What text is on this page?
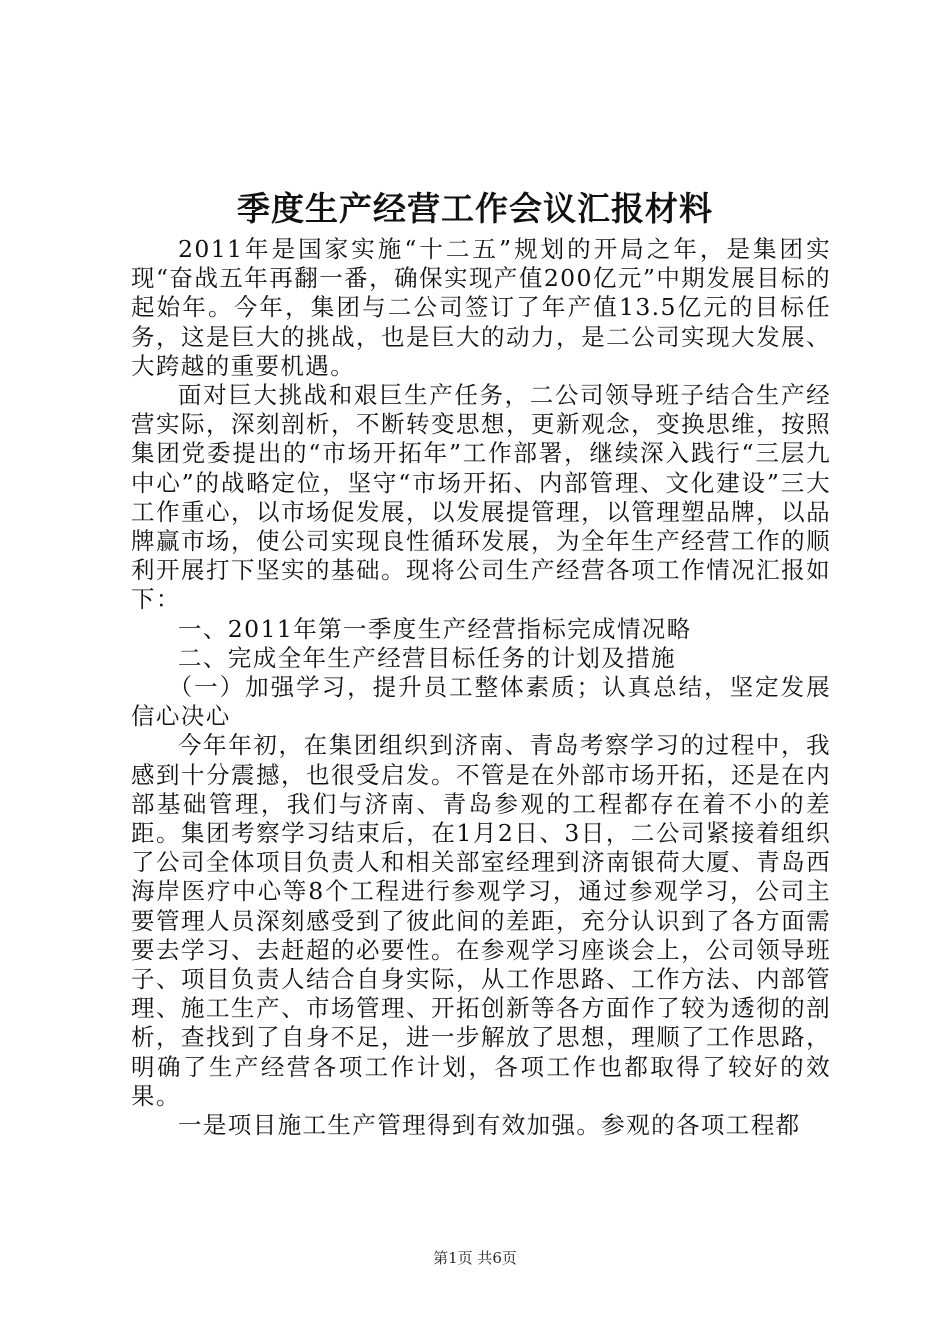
季度生产经营工作会议汇报材料

2011年是国家实施“十二五”规划的开局之年，是集团实现“奋战五年再翻一番，确保实现产值200亿元”中期发展目标的起始年。今年，集团与二公司签订了年产值13.5亿元的目标任务，这是巨大的挑战，也是巨大的动力，是二公司实现大发展、大跨越的重要机遇。

面对巨大挑战和艰巨生产任务，二公司领导班子结合生产经营实际，深刻剖析，不断转变思想，更新观念，变换思维，按照集团党委提出的“市场开拓年”工作部署，继续深入践行“三层九中心”的战略定位，坚守“市场开拓、内部管理、文化建设”三大工作重心，以市场促发展，以发展提管理，以管理塑品牌，以品牌赢市场，使公司实现良性循环发展，为全年生产经营工作的顺利开展打下坚实的基础。现将公司生产经营各项工作情况汇报如下：

一、2011年第一季度生产经营指标完成情况略

二、完成全年生产经营目标任务的计划及措施

（一）加强学习，提升员工整体素质；认真总结，坚定发展信心决心

今年年初，在集团组织到济南、青岛考察学习的过程中，我感到十分震撼，也很受启发。不管是在外部市场开拓，还是在内部基础管理，我们与济南、青岛参观的工程都存在着不小的差距。集团考察学习结束后，在1月2日、3日，二公司紧接着组织了公司全体项目负责人和相关部室经理到济南银荷大厦、青岛西海岸医疗中心等8个工程进行参观学习，通过参观学习，公司主要管理人员深刻感受到了彼此间的差距，充分认识到了各方面需要去学习、去赶超的必要性。在参观学习座谈会上，公司领导班子、项目负责人结合自身实际，从工作思路、工作方法、内部管理、施工生产、市场管理、开拓创新等各方面作了较为透彻的剖析，查找到了自身不足，进一步解放了思想，理顺了工作思路，明确了生产经营各项工作计划，各项工作也都取得了较好的效果。

一是项目施工生产管理得到有效加强。参观的各项工程都

第1页 共6页
